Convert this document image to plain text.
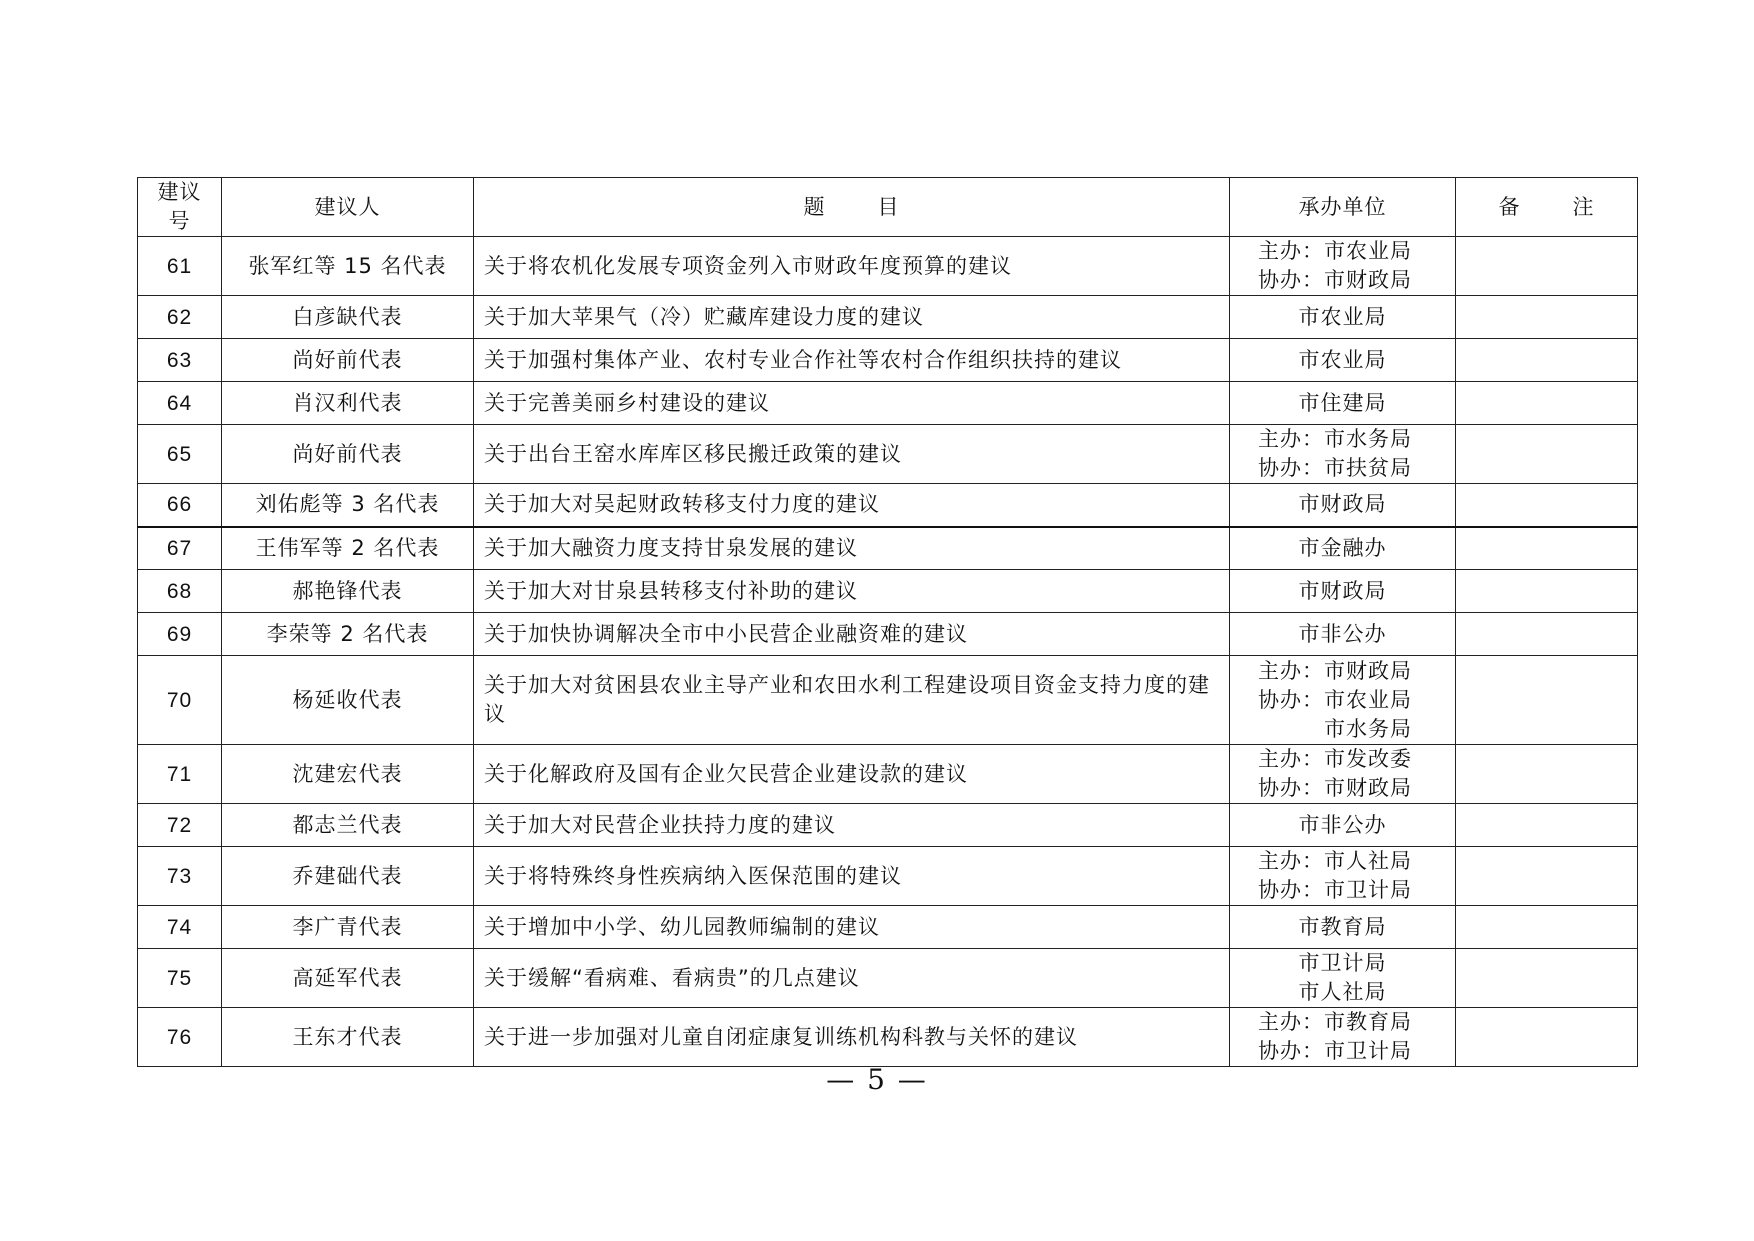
建议号	建议人	题 目	承办单位	备 注
61	张军红等 15 名代表	关于将农机化发展专项资金列入市财政年度预算的建议	主办：市农业局
协办：市财政局	

62	白彦缺代表	关于加大苹果气（冷）贮藏库建设力度的建议	市农业局	

63	尚好前代表	关于加强村集体产业、农村专业合作社等农村合作组织扶持的建议	市农业局	

64	肖汉利代表	关于完善美丽乡村建设的建议	市住建局	

65	尚好前代表	关于出台王窑水库库区移民搬迁政策的建议	主办：市水务局
协办：市扶贫局	

66	刘佑彪等 3 名代表	关于加大对吴起财政转移支付力度的建议	市财政局	

67	王伟军等 2 名代表	关于加大融资力度支持甘泉发展的建议	市金融办	

68	郝艳锋代表	关于加大对甘泉县转移支付补助的建议	市财政局	

69	李荣等 2 名代表	关于加快协调解决全市中小民营企业融资难的建议	市非公办	

70	杨延收代表	关于加大对贫困县农业主导产业和农田水利工程建设项目资金支持力度的建议	主办：市财政局
协办：市农业局
　　　市水务局	

71	沈建宏代表	关于化解政府及国有企业欠民营企业建设款的建议	主办：市发改委
协办：市财政局	

72	都志兰代表	关于加大对民营企业扶持力度的建议	市非公办	

73	乔建础代表	关于将特殊终身性疾病纳入医保范围的建议	主办：市人社局
协办：市卫计局	

74	李广青代表	关于增加中小学、幼儿园教师编制的建议	市教育局	

75	高延军代表	关于缓解“看病难、看病贵”的几点建议	市卫计局
市人社局	

76	王东才代表	关于进一步加强对儿童自闭症康复训练机构科教与关怀的建议	主办：市教育局
协办：市卫计局	

— 5 —
